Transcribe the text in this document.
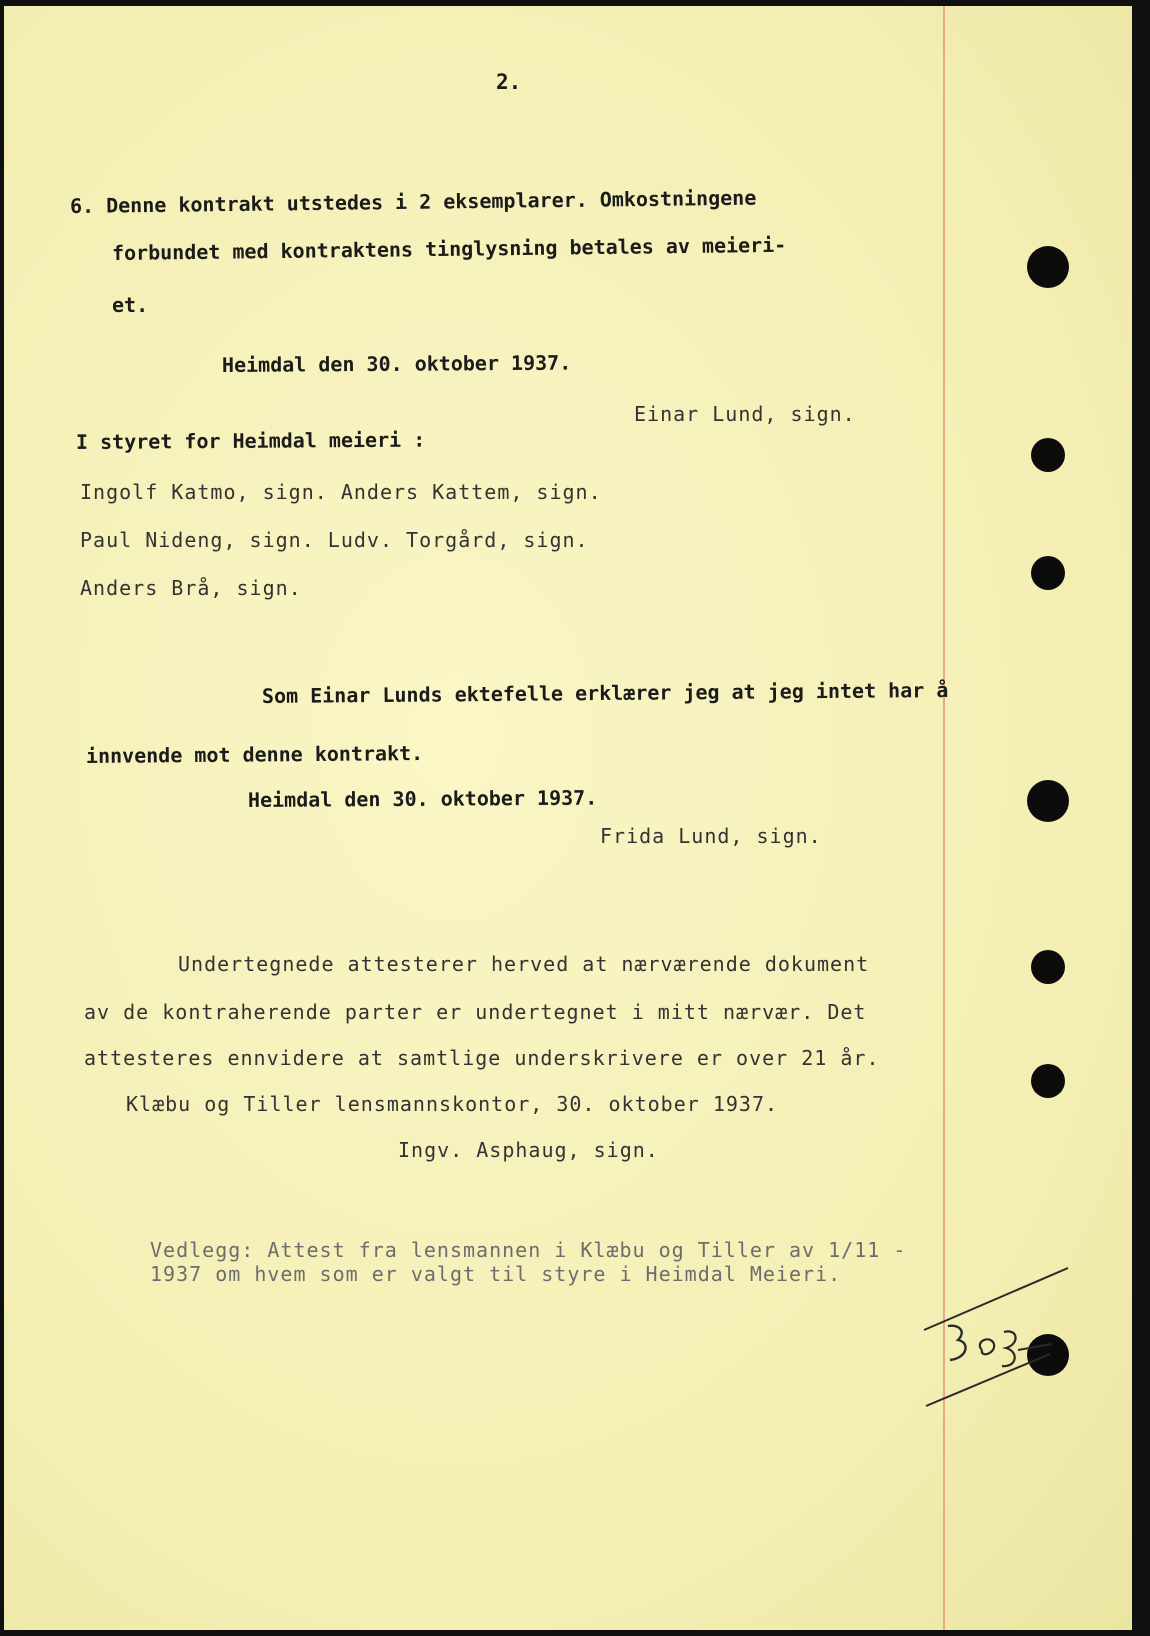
2.
6. Denne kontrakt utstedes i 2 eksemplarer. Omkostningene
forbundet med kontraktens tinglysning betales av meieri-
et.
Heimdal den 30. oktober 1937.
Einar Lund, sign.
I styret for Heimdal meieri :
Ingolf Katmo, sign. Anders Kattem, sign.
Paul Nideng, sign. Ludv. Torgård, sign.
Anders Brå, sign.
Som Einar Lunds ektefelle erklærer jeg at jeg intet har å
innvende mot denne kontrakt.
Heimdal den 30. oktober 1937.
Frida Lund, sign.
Undertegnede attesterer herved at nærværende dokument
av de kontraherende parter er undertegnet i mitt nærvær. Det
attesteres ennvidere at samtlige underskrivere er over 21 år.
Klæbu og Tiller lensmannskontor, 30. oktober 1937.
Ingv. Asphaug, sign.
Vedlegg: Attest fra lensmannen i Klæbu og Tiller av 1/11 -
1937 om hvem som er valgt til styre i Heimdal Meieri.
